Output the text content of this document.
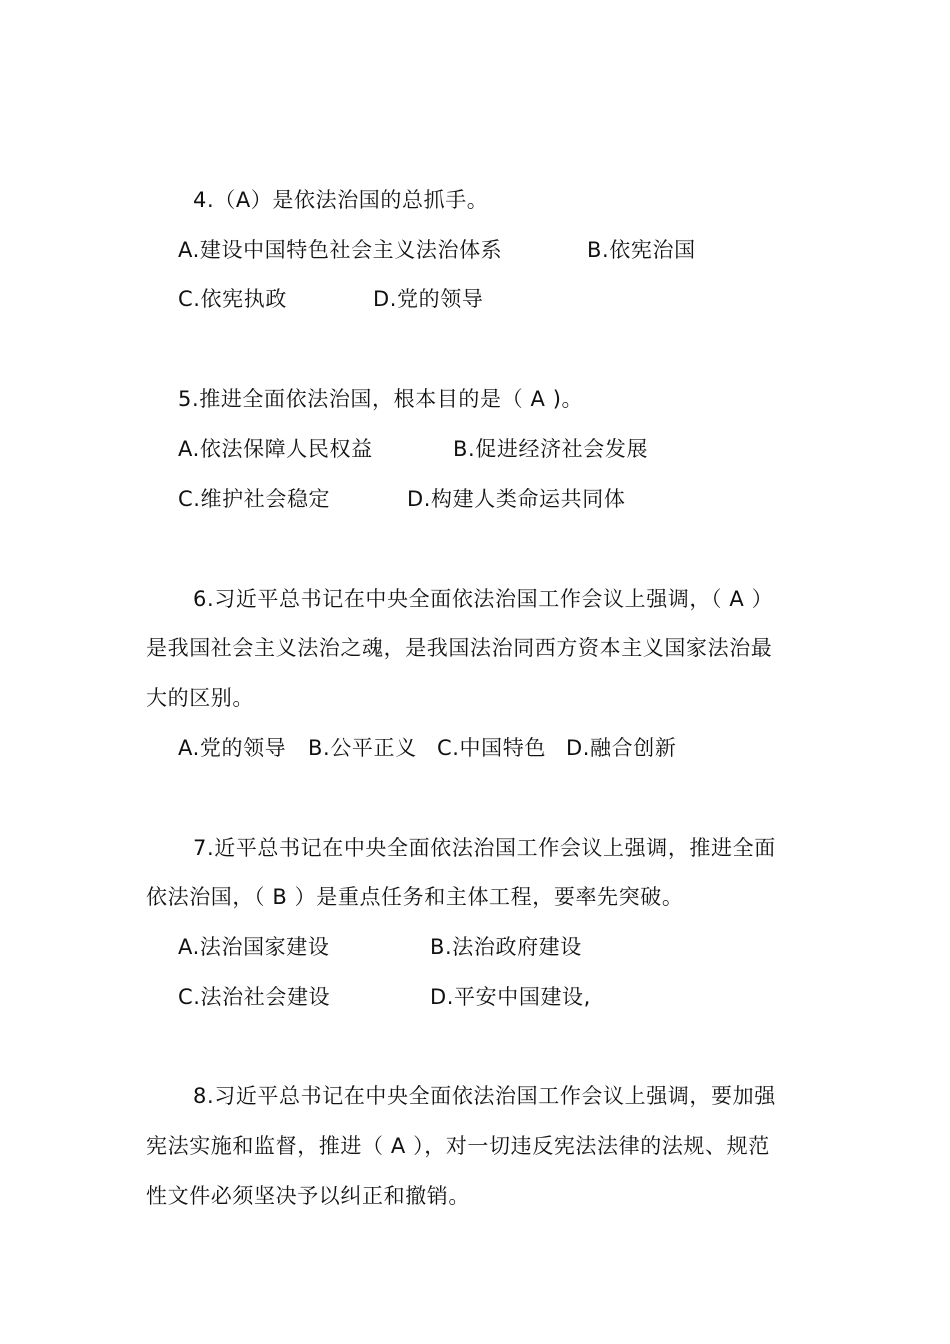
4.（A）是依法治国的总抓手。
A.建设中国特色社会主义法治体系	B.依宪治国
C.依宪执政	D.党的领导
5.推进全面依法治国，根本目的是（ A )。
A.依法保障人民权益	B.促进经济社会发展
C.维护社会稳定	D.构建人类命运共同体
6.习近平总书记在中央全面依法治国工作会议上强调，（ A ）
是我国社会主义法治之魂，是我国法治同西方资本主义国家法治最
大的区别。
A.党的领导 B.公平正义 C.中国特色 D.融合创新
7.近平总书记在中央全面依法治国工作会议上强调，推进全面
依法治国，（ B ）是重点任务和主体工程，要率先突破。
A.法治国家建设	B.法治政府建设
C.法治社会建设	D.平安中国建设,
8.习近平总书记在中央全面依法治国工作会议上强调，要加强
宪法实施和监督，推进（ A ），对一切违反宪法法律的法规、规范
性文件必须坚决予以纠正和撤销。
